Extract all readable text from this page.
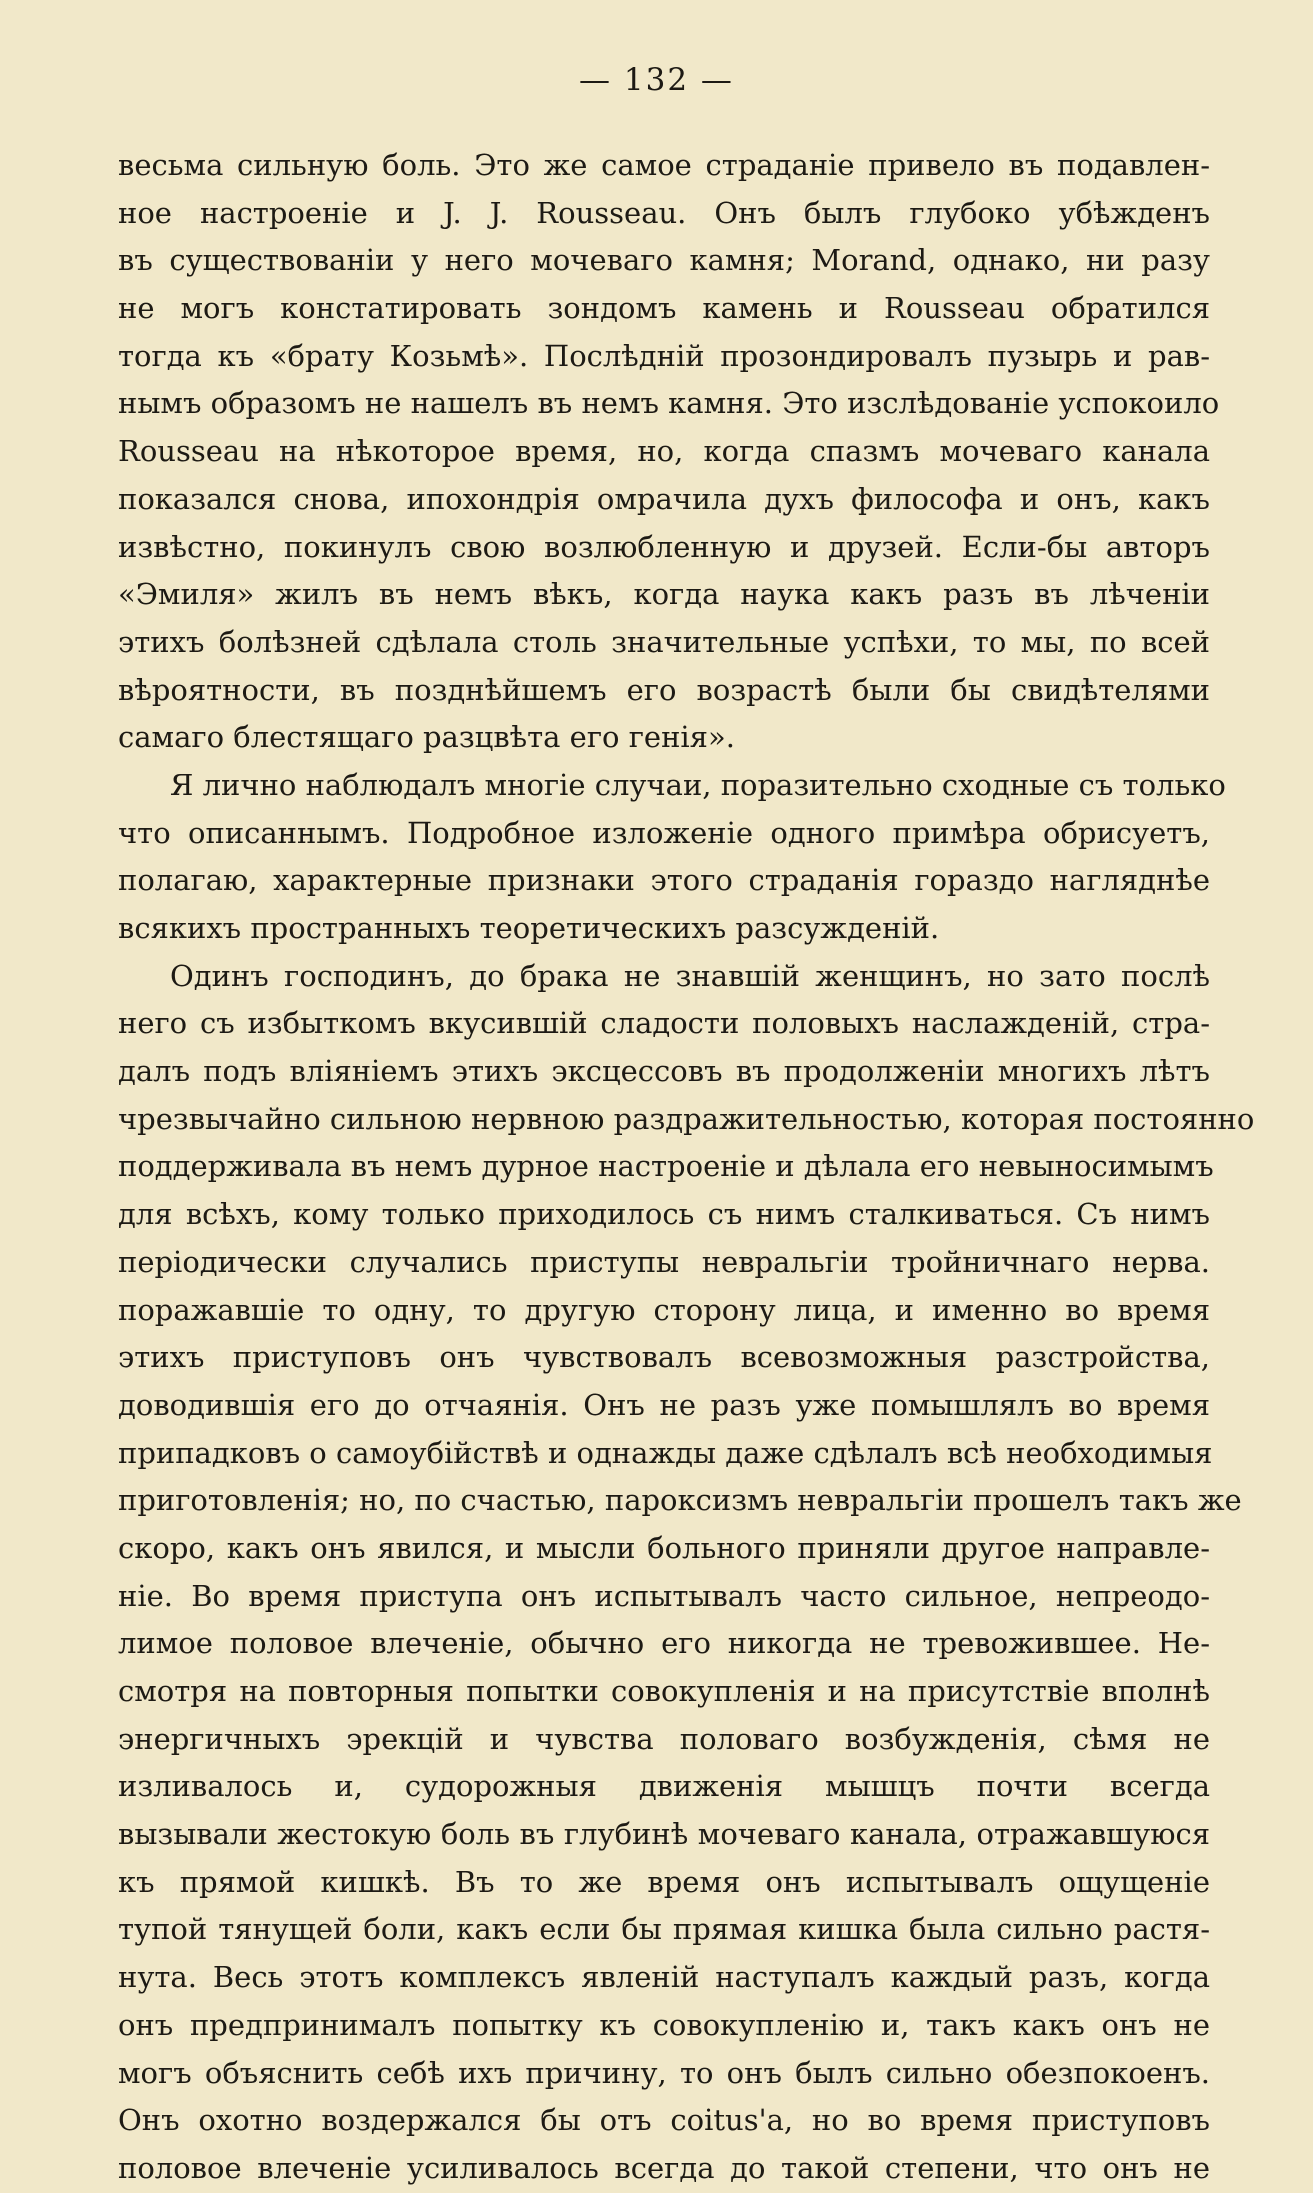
— 132 —
весьма сильную боль. Это же самое страданіе привело въ подавлен-
ное настроеніе и J. J. Rousseau. Онъ былъ глубоко убѣжденъ
въ существованіи у него мочеваго камня; Morand, однако, ни разу
не могъ констатировать зондомъ камень и Rousseau обратился
тогда къ «брату Козьмѣ». Послѣдній прозондировалъ пузырь и рав-
нымъ образомъ не нашелъ въ немъ камня. Это изслѣдованіе успокоило
Rousseau на нѣкоторое время, но, когда спазмъ мочеваго канала
показался снова, ипохондрія омрачила духъ философа и онъ, какъ
извѣстно, покинулъ свою возлюбленную и друзей. Если-бы авторъ
«Эмиля» жилъ въ немъ вѣкъ, когда наука какъ разъ въ лѣченіи
этихъ болѣзней сдѣлала столь значительные успѣхи, то мы, по всей
вѣроятности, въ позднѣйшемъ его возрастѣ были бы свидѣтелями
самаго блестящаго разцвѣта его генія».
Я лично наблюдалъ многіе случаи, поразительно сходные съ только
что описаннымъ. Подробное изложеніе одного примѣра обрисуетъ,
полагаю, характерные признаки этого страданія гораздо нагляднѣе
всякихъ пространныхъ теоретическихъ разсужденій.
Одинъ господинъ, до брака не знавшій женщинъ, но зато послѣ
него съ избыткомъ вкусившій сладости половыхъ наслажденій, стра-
далъ подъ вліяніемъ этихъ эксцессовъ въ продолженіи многихъ лѣтъ
чрезвычайно сильною нервною раздражительностью, которая постоянно
поддерживала въ немъ дурное настроеніе и дѣлала его невыносимымъ
для всѣхъ, кому только приходилось съ нимъ сталкиваться. Съ нимъ
періодически случались приступы невральгіи тройничнаго нерва.
поражавшіе то одну, то другую сторону лица, и именно во время
этихъ приступовъ онъ чувствовалъ всевозможныя разстройства,
доводившія его до отчаянія. Онъ не разъ уже помышлялъ во время
припадковъ о самоубійствѣ и однажды даже сдѣлалъ всѣ необходимыя
приготовленія; но, по счастью, пароксизмъ невральгіи прошелъ такъ же
скоро, какъ онъ явился, и мысли больного приняли другое направле-
ніе. Во время приступа онъ испытывалъ часто сильное, непреодо-
лимое половое влеченіе, обычно его никогда не тревожившее. Не-
смотря на повторныя попытки совокупленія и на присутствіе вполнѣ
энергичныхъ эрекцій и чувства половаго возбужденія, сѣмя не
изливалось и, судорожныя движенія мышцъ почти всегда
вызывали жестокую боль въ глубинѣ мочеваго канала, отражавшуюся
къ прямой кишкѣ. Въ то же время онъ испытывалъ ощущеніе
тупой тянущей боли, какъ если бы прямая кишка была сильно растя-
нута. Весь этотъ комплексъ явленій наступалъ каждый разъ, когда
онъ предпринималъ попытку къ совокупленію и, такъ какъ онъ не
могъ объяснить себѣ ихъ причину, то онъ былъ сильно обезпокоенъ.
Онъ охотно воздержался бы отъ coitus'а, но во время приступовъ
половое влеченіе усиливалось всегда до такой степени, что онъ не
